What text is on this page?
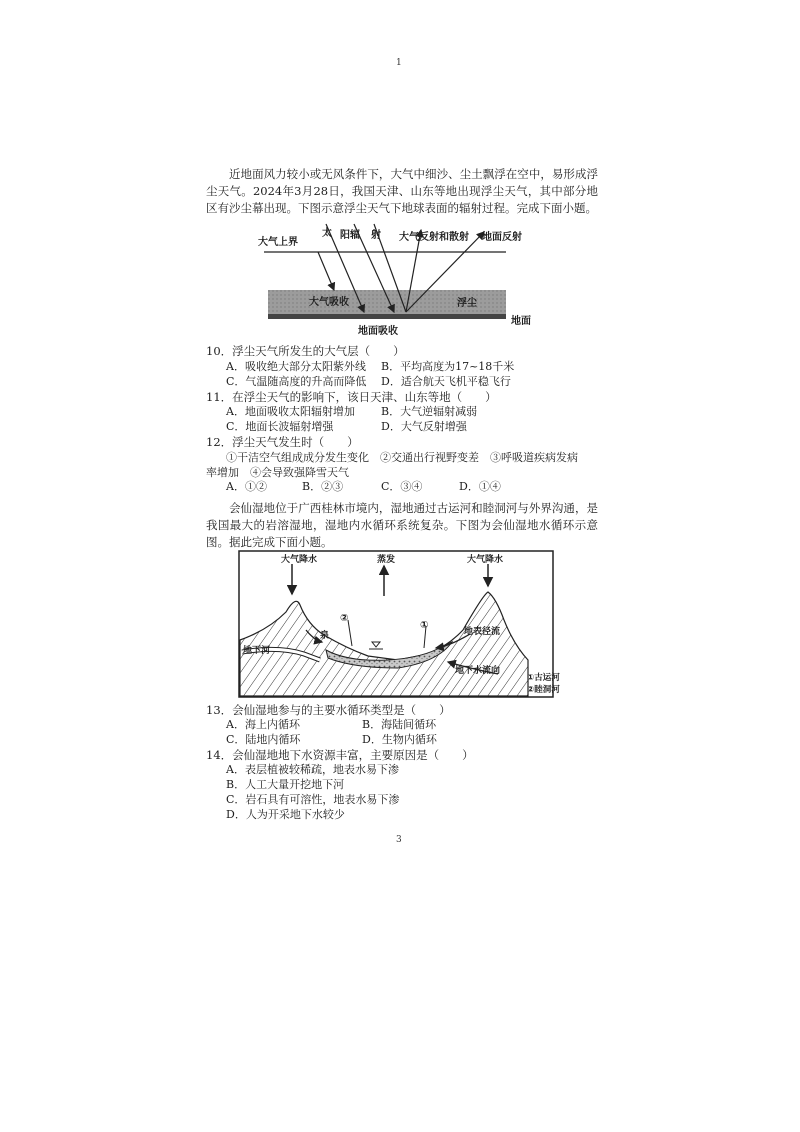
1

近地面风力较小或无风条件下，大气中细沙、尘土飘浮在空中，易形成浮尘天气。2024年3月28日，我国天津、山东等地出现浮尘天气，其中部分地区有沙尘幕出现。下图示意浮尘天气下地球表面的辐射过程。完成下面小题。

大气上界
太 阳辐 射 大气反射和散射 地面反射
大气吸收	浮尘
地面
地面吸收
10．浮尘天气所发生的大气层（　　）
A．吸收绝大部分太阳紫外线 B．平均高度为17~18千米
C．气温随高度的升高而降低 D．适合航天飞机平稳飞行
11．在浮尘天气的影响下，该日天津、山东等地（　　）
A．地面吸收太阳辐射增加 B．大气逆辐射减弱
C．地面长波辐射增强	D．大气反射增强
12．浮尘天气发生时（　　）
①干洁空气组成成分发生变化　②交通出行视野变差　③呼吸道疾病发病
率增加　④会导致强降雪天气
A．①②	B．②③	C．③④	D．①④

会仙湿地位于广西桂林市境内，湿地通过古运河和睦洞河与外界沟通，是我国最大的岩溶湿地，湿地内水循环系统复杂。下图为会仙湿地水循环示意图。据此完成下面小题。

大气降水	蒸发	大气降水
②
①
泉	地表径流
地下河
地下水流向
①古运河
②睦洞河
13．会仙湿地参与的主要水循环类型是（　　）
A．海上内循环	B．海陆间循环
C．陆地内循环	D．生物内循环
14．会仙湿地地下水资源丰富，主要原因是（　　）
A．表层植被较稀疏，地表水易下渗
B．人工大量开挖地下河
C．岩石具有可溶性，地表水易下渗
D．人为开采地下水较少
3
